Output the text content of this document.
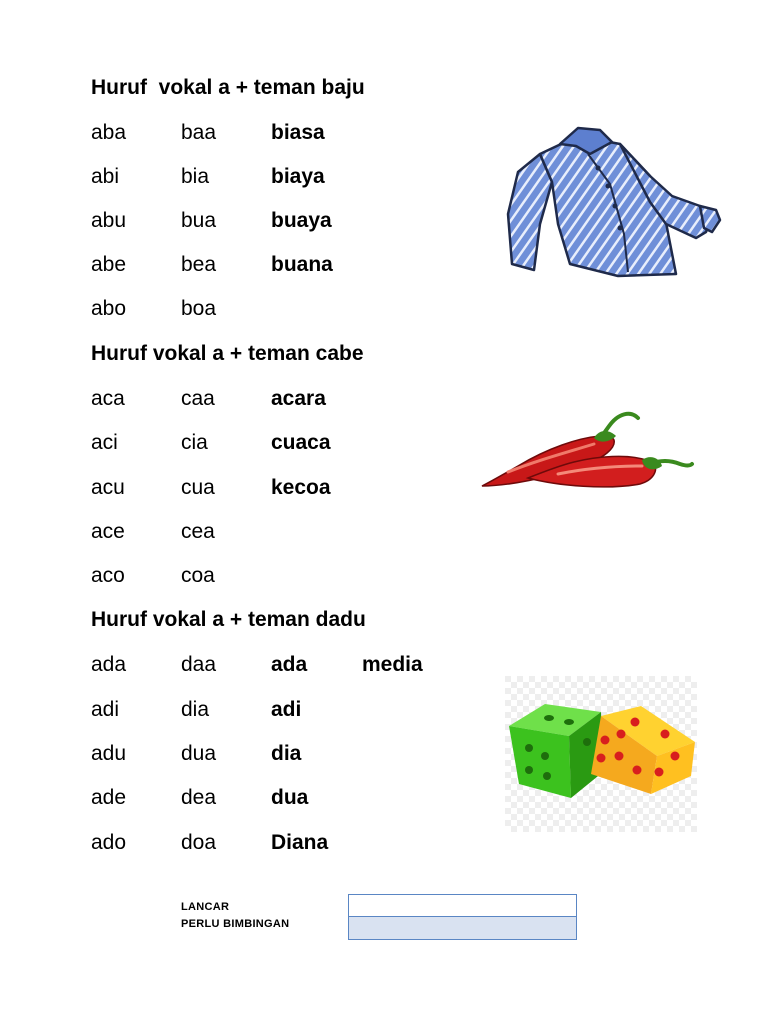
Huruf  vokal a + teman baju
aba	baa	biasa
abi	bia	biaya
abu	bua	buaya
abe	bea	buana
abo	boa
Huruf vokal a + teman cabe
aca	caa	acara
aci	cia	cuaca
acu	cua	kecoa
ace	cea
aco	coa
Huruf vokal a + teman dadu
ada	daa	ada	media
adi	dia	adi
adu	dua	dia
ade	dea	dua
ado	doa	Diana
LANCAR
PERLU BIMBINGAN
